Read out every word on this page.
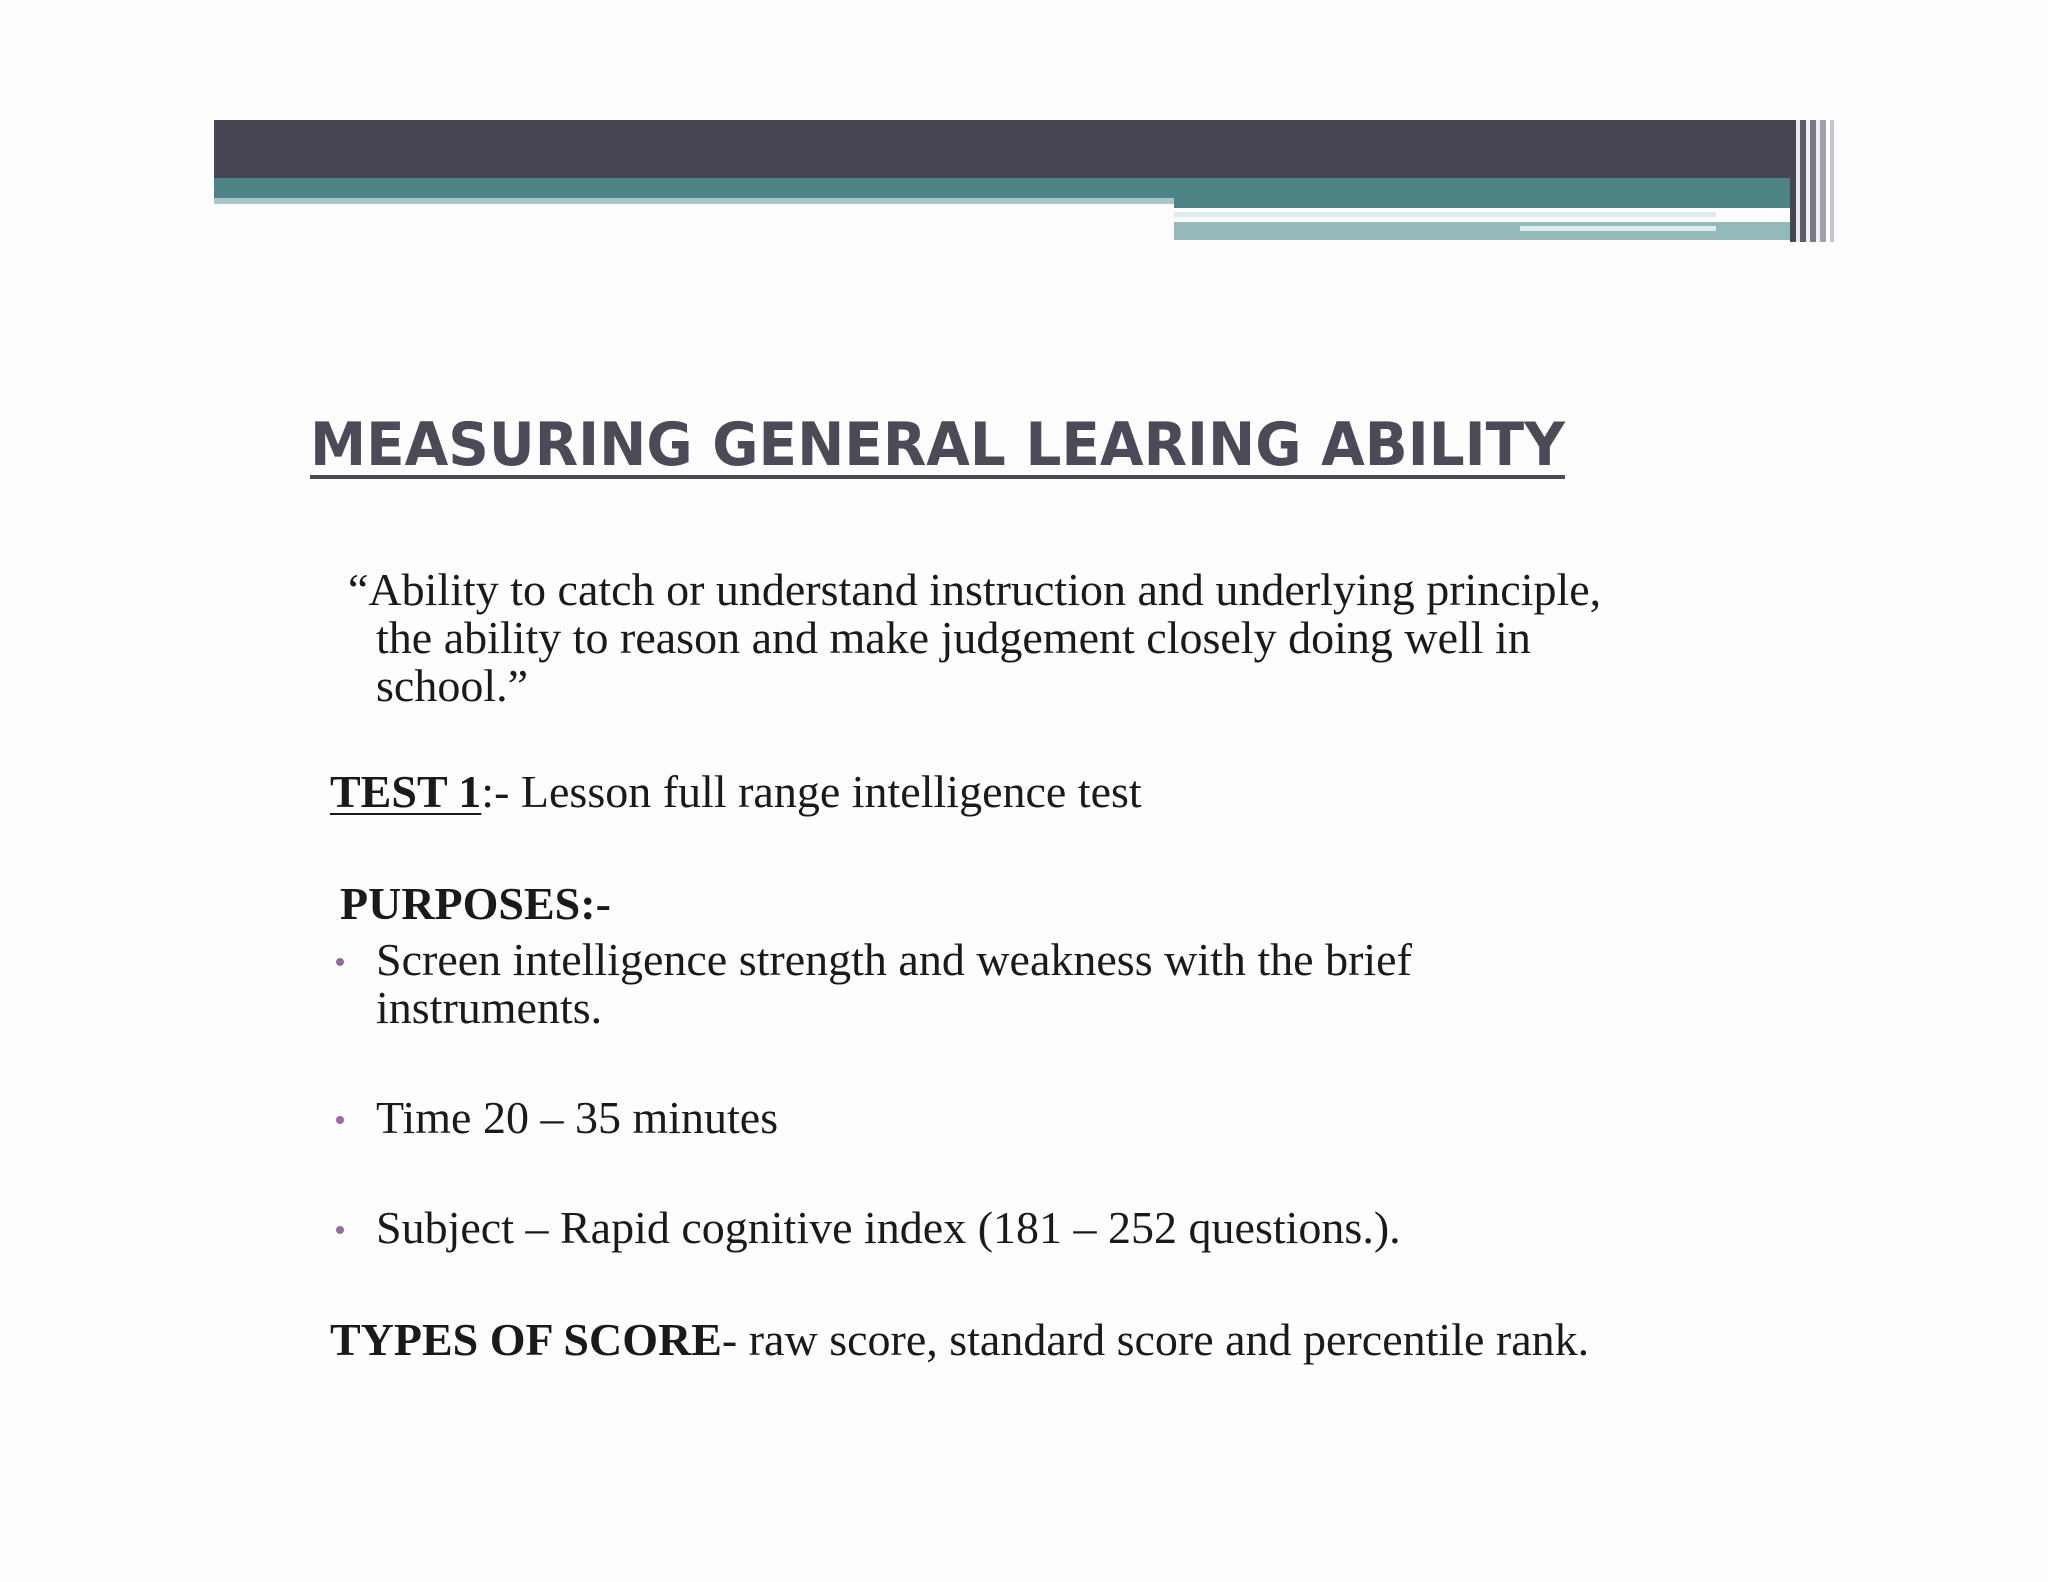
MEASURING GENERAL LEARING ABILITY
“Ability to catch or understand instruction and underlying principle,
the ability to reason and make judgement closely doing well in
school.”
TEST 1:- Lesson full range intelligence test
PURPOSES:-
Screen intelligence strength and weakness with the brief
instruments.
Time 20 – 35 minutes
Subject – Rapid cognitive index (181 – 252 questions.).
TYPES OF SCORE- raw score, standard score and percentile rank.
